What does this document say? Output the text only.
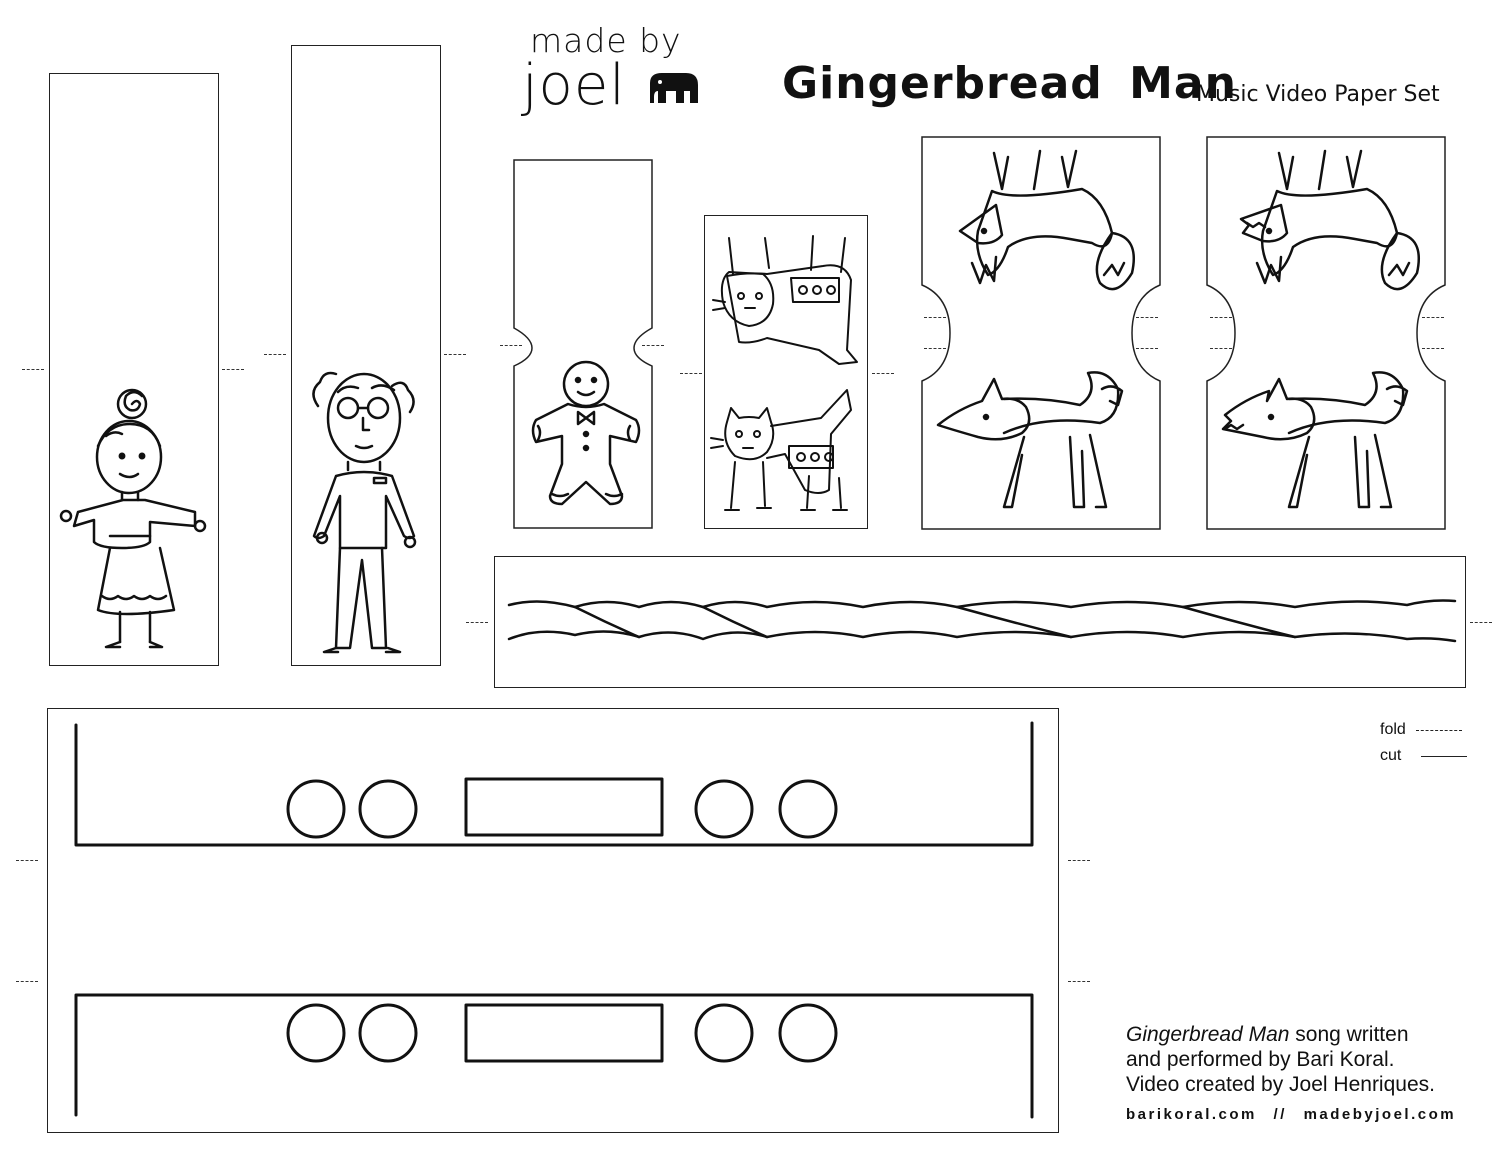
made by
joel	Gingerbread Man
Music Video Paper Set
fold
cut
Gingerbread Man song written
and performed by Bari Koral.
Video created by Joel Henriques.
barikoral.com // madebyjoel.com
